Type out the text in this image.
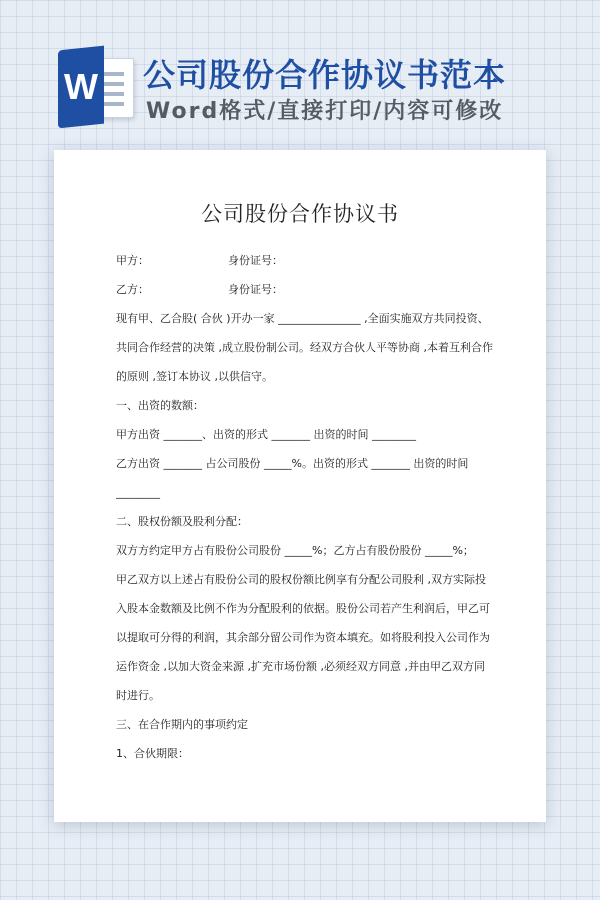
W 公司股份合作协议书范本
Word格式/直接打印/内容可修改
公司股份合作协议书
甲方：	身份证号：
乙方：	身份证号：
现有甲、乙合股( 合伙 )开办一家 _______________ ,全面实施双方共同投资、
共同合作经营的决策 ,成立股份制公司。经双方合伙人平等协商 ,本着互利合作
的原则 ,签订本协议 ,以供信守。
一、出资的数额：
甲方出资 _______、出资的形式 _______ 出资的时间 ________
乙方出资 _______ 占公司股份 _____%。出资的形式 _______ 出资的时间
________
二、股权份额及股利分配：
双方方约定甲方占有股份公司股份 _____%；乙方占有股份股份 _____%；
甲乙双方以上述占有股份公司的股权份额比例享有分配公司股利 ,双方实际投
入股本金数额及比例不作为分配股利的依据。股份公司若产生利润后，甲乙可
以提取可分得的利润，其余部分留公司作为资本填充。如将股利投入公司作为
运作资金 ,以加大资金来源 ,扩充市场份额 ,必须经双方同意 ,并由甲乙双方同
时进行。
三、在合作期内的事项约定
1、合伙期限：
